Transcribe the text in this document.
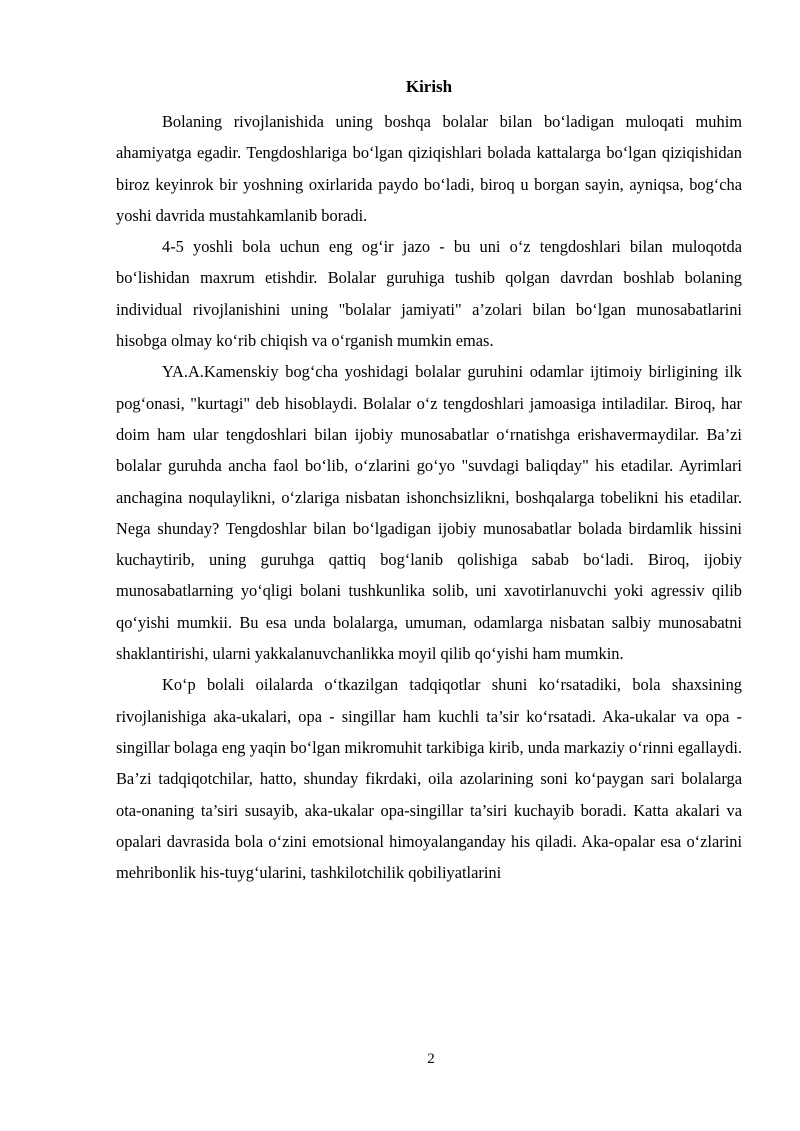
Kirish

Bolaning rivojlanishida uning boshqa bolalar bilan bo‘ladigan muloqati muhim ahamiyatga egadir. Tengdoshlariga bo‘lgan qiziqishlari bolada kattalarga bo‘lgan qiziqishidan biroz keyinrok bir yoshning oxirlarida paydo bo‘ladi, biroq u borgan sayin, ayniqsa, bog‘cha yoshi davrida mustahkamlanib boradi.

4-5 yoshli bola uchun eng og‘ir jazo - bu uni o‘z tengdoshlari bilan muloqotda bo‘lishidan maxrum etishdir. Bolalar guruhiga tushib qolgan davrdan boshlab bolaning individual rivojlanishini uning "bolalar jamiyati" a’zolari bilan bo‘lgan munosabatlarini hisobga olmay ko‘rib chiqish va o‘rganish mumkin emas.

YA.A.Kamenskiy bog‘cha yoshidagi bolalar guruhini odamlar ijtimoiy birligining ilk pog‘onasi, "kurtagi" deb hisoblaydi. Bolalar o‘z tengdoshlari jamoasiga intiladilar. Biroq, har doim ham ular tengdoshlari bilan ijobiy munosabatlar o‘rnatishga erishavermaydilar. Ba’zi bolalar guruhda ancha faol bo‘lib, o‘zlarini go‘yo "suvdagi baliqday" his etadilar. Ayrimlari anchagina noqulaylikni, o‘zlariga nisbatan ishonchsizlikni, boshqalarga tobelikni his etadilar. Nega shunday? Tengdoshlar bilan bo‘lgadigan ijobiy munosabatlar bolada birdamlik hissini kuchaytirib, uning guruhga qattiq bog‘lanib qolishiga sabab bo‘ladi. Biroq, ijobiy munosabatlarning yo‘qligi bolani tushkunlika solib, uni xavotirlanuvchi yoki agressiv qilib qo‘yishi mumkii. Bu esa unda bolalarga, umuman, odamlarga nisbatan salbiy munosabatni shaklantirishi, ularni yakkalanuvchanlikka moyil qilib qo‘yishi ham mumkin.

Ko‘p bolali oilalarda o‘tkazilgan tadqiqotlar shuni ko‘rsatadiki, bola shaxsining rivojlanishiga aka-ukalari, opa - singillar ham kuchli ta’sir ko‘rsatadi. Aka-ukalar va opa - singillar bolaga eng yaqin bo‘lgan mikromuhit tarkibiga kirib, unda markaziy o‘rinni egallaydi. Ba’zi tadqiqotchilar, hatto, shunday fikrdaki, oila azolarining soni ko‘paygan sari bolalarga ota-onaning ta’siri susayib, aka-ukalar opa-singillar ta’siri kuchayib boradi. Katta akalari va opalari davrasida bola o‘zini emotsional himoyalanganday his qiladi. Aka-opalar esa o‘zlarini mehribonlik his-tuyg‘ularini, tashkilotchilik qobiliyatlarini

2
